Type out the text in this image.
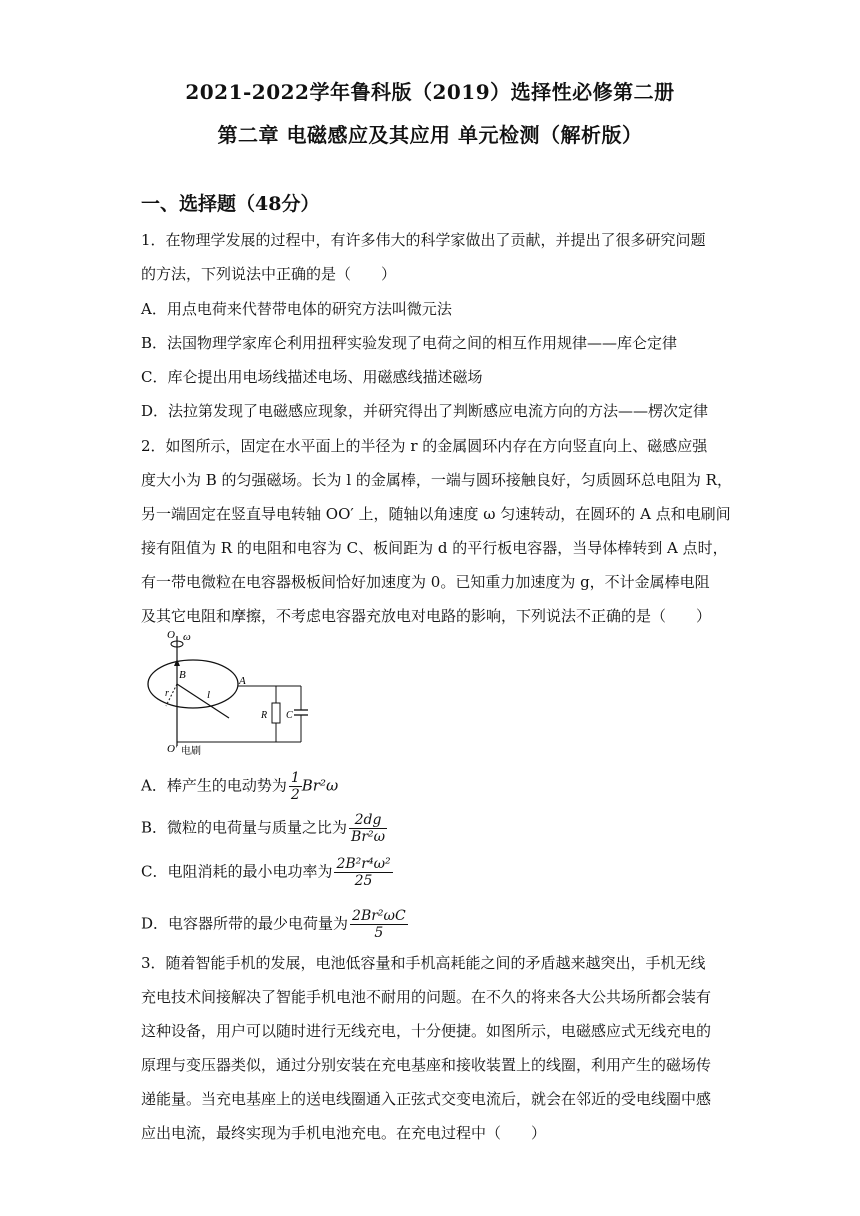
2021-2022学年鲁科版（2019）选择性必修第二册
第二章 电磁感应及其应用 单元检测（解析版）
一、选择题（48分）
1．在物理学发展的过程中，有许多伟大的科学家做出了贡献，并提出了很多研究问题
的方法，下列说法中正确的是（　　）
A．用点电荷来代替带电体的研究方法叫微元法
B．法国物理学家库仑利用扭秤实验发现了电荷之间的相互作用规律——库仑定律
C．库仑提出用电场线描述电场、用磁感线描述磁场
D．法拉第发现了电磁感应现象，并研究得出了判断感应电流方向的方法——楞次定律
2．如图所示，固定在水平面上的半径为 r 的金属圆环内存在方向竖直向上、磁感应强
度大小为 B 的匀强磁场。长为 l 的金属棒，一端与圆环接触良好，匀质圆环总电阻为 R，
另一端固定在竖直导电转轴 OO′ 上，随轴以角速度 ω 匀速转动，在圆环的 A 点和电刷间
接有阻值为 R 的电阻和电容为 C、板间距为 d 的平行板电容器，当导体棒转到 A 点时，
有一带电微粒在电容器极板间恰好加速度为 0。已知重力加速度为 g，不计金属棒电阻
及其它电阻和摩擦，不考虑电容器充放电对电路的影响，下列说法不正确的是（　　）
O ω
B
r	l
A
R C
O′ 电刷
A．棒产生的电动势为 $\frac{1}{2} Br^2\omega$
B．微粒的电荷量与质量之比为 $\frac{2dg}{\text{Br²ω}}$
C．电阻消耗的最小电功率为 $\frac{\text{2B²r⁴ω²}}{25}$
D．电容器所带的最少电荷量为 $\frac{\text{2Br²ωC}}{5}$
3．随着智能手机的发展，电池低容量和手机高耗能之间的矛盾越来越突出，手机无线
充电技术间接解决了智能手机电池不耐用的问题。在不久的将来各大公共场所都会装有
这种设备，用户可以随时进行无线充电，十分便捷。如图所示，电磁感应式无线充电的
原理与变压器类似，通过分别安装在充电基座和接收装置上的线圈，利用产生的磁场传
递能量。当充电基座上的送电线圈通入正弦式交变电流后，就会在邻近的受电线圈中感
应出电流，最终实现为手机电池充电。在充电过程中（　　）
